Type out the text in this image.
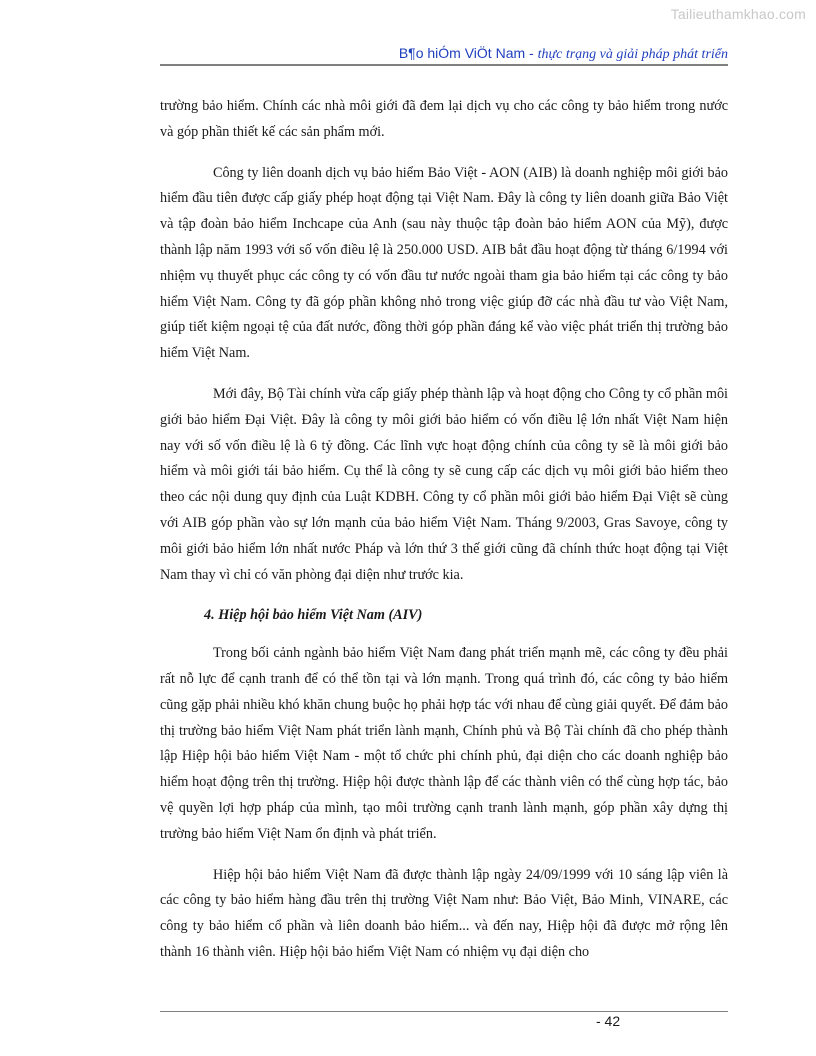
Tailieuthamkhao.com
B¶o hiÓm ViÖt Nam - thực trạng và giải pháp phát triển

trường bảo hiểm. Chính các nhà môi giới đã đem lại dịch vụ cho các công ty bảo hiểm trong nước và góp phần thiết kế các sản phẩm mới.

Công ty liên doanh dịch vụ bảo hiểm Bảo Việt - AON (AIB) là doanh nghiệp môi giới bảo hiểm đầu tiên được cấp giấy phép hoạt động tại Việt Nam. Đây là công ty liên doanh giữa Bảo Việt và tập đoàn bảo hiểm Inchcape của Anh (sau này thuộc tập đoàn bảo hiểm AON của Mỹ), được thành lập năm 1993 với số vốn điều lệ là 250.000 USD. AIB bắt đầu hoạt động từ tháng 6/1994 với nhiệm vụ thuyết phục các công ty có vốn đầu tư nước ngoài tham gia bảo hiểm tại các công ty bảo hiểm Việt Nam. Công ty đã góp phần không nhỏ trong việc giúp đỡ các nhà đầu tư vào Việt Nam, giúp tiết kiệm ngoại tệ của đất nước, đồng thời góp phần đáng kể vào việc phát triển thị trường bảo hiểm Việt Nam.

Mới đây, Bộ Tài chính vừa cấp giấy phép thành lập và hoạt động cho Công ty cổ phần môi giới bảo hiểm Đại Việt. Đây là công ty môi giới bảo hiểm có vốn điều lệ lớn nhất Việt Nam hiện nay với số vốn điều lệ là 6 tỷ đồng. Các lĩnh vực hoạt động chính của công ty sẽ là môi giới bảo hiểm và môi giới tái bảo hiểm. Cụ thể là công ty sẽ cung cấp các dịch vụ môi giới bảo hiểm theo theo các nội dung quy định của Luật KDBH. Công ty cổ phần môi giới bảo hiểm Đại Việt sẽ cùng với AIB góp phần vào sự lớn mạnh của bảo hiểm Việt Nam. Tháng 9/2003, Gras Savoye, công ty môi giới bảo hiểm lớn nhất nước Pháp và lớn thứ 3 thế giới cũng đã chính thức hoạt động tại Việt Nam thay vì chỉ có văn phòng đại diện như trước kia.

4. Hiệp hội bảo hiểm Việt Nam (AIV)

Trong bối cảnh ngành bảo hiểm Việt Nam đang phát triển mạnh mẽ, các công ty đều phải rất nỗ lực để cạnh tranh để có thể tồn tại và lớn mạnh. Trong quá trình đó, các công ty bảo hiểm cũng gặp phải nhiều khó khăn chung buộc họ phải hợp tác với nhau để cùng giải quyết. Để đảm bảo thị trường bảo hiểm Việt Nam phát triển lành mạnh, Chính phủ và Bộ Tài chính đã cho phép thành lập Hiệp hội bảo hiểm Việt Nam - một tổ chức phi chính phủ, đại diện cho các doanh nghiệp bảo hiểm hoạt động trên thị trường. Hiệp hội được thành lập để các thành viên có thể cùng hợp tác, bảo vệ quyền lợi hợp pháp của mình, tạo môi trường cạnh tranh lành mạnh, góp phần xây dựng thị trường bảo hiểm Việt Nam ổn định và phát triển.

Hiệp hội bảo hiểm Việt Nam đã được thành lập ngày 24/09/1999 với 10 sáng lập viên là các công ty bảo hiểm hàng đầu trên thị trường Việt Nam như: Bảo Việt, Bảo Minh, VINARE, các công ty bảo hiểm cổ phần và liên doanh bảo hiểm... và đến nay, Hiệp hội đã được mở rộng lên thành 16 thành viên. Hiệp hội bảo hiểm Việt Nam có nhiệm vụ đại diện cho

- 42
